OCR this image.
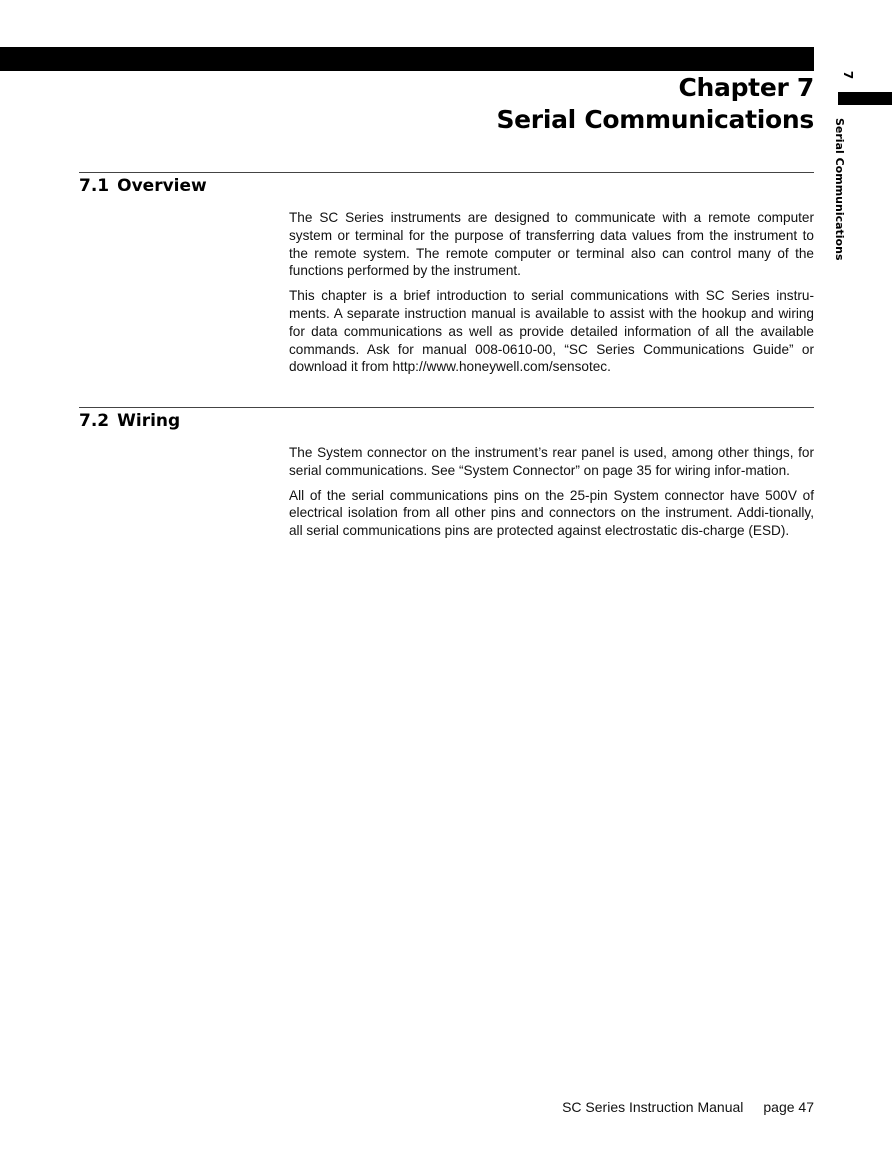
Chapter 7
Serial Communications
7
Serial Communications
7.1 Overview

The SC Series instruments are designed to communicate with a remote computer system or terminal for the purpose of transferring data values from the instrument to the remote system. The remote computer or terminal also can control many of the functions performed by the instrument.

This chapter is a brief introduction to serial communications with SC Series instru-ments. A separate instruction manual is available to assist with the hookup and wiring for data communications as well as provide detailed information of all the available commands. Ask for manual 008-0610-00, “SC Series Communications Guide” or download it from http://www.honeywell.com/sensotec.

7.2 Wiring

The System connector on the instrument’s rear panel is used, among other things, for serial communications. See “System Connector” on page 35 for wiring infor-mation.

All of the serial communications pins on the 25-pin System connector have 500V of electrical isolation from all other pins and connectors on the instrument. Addi-tionally, all serial communications pins are protected against electrostatic dis-charge (ESD).

SC Series Instruction Manual page 47
